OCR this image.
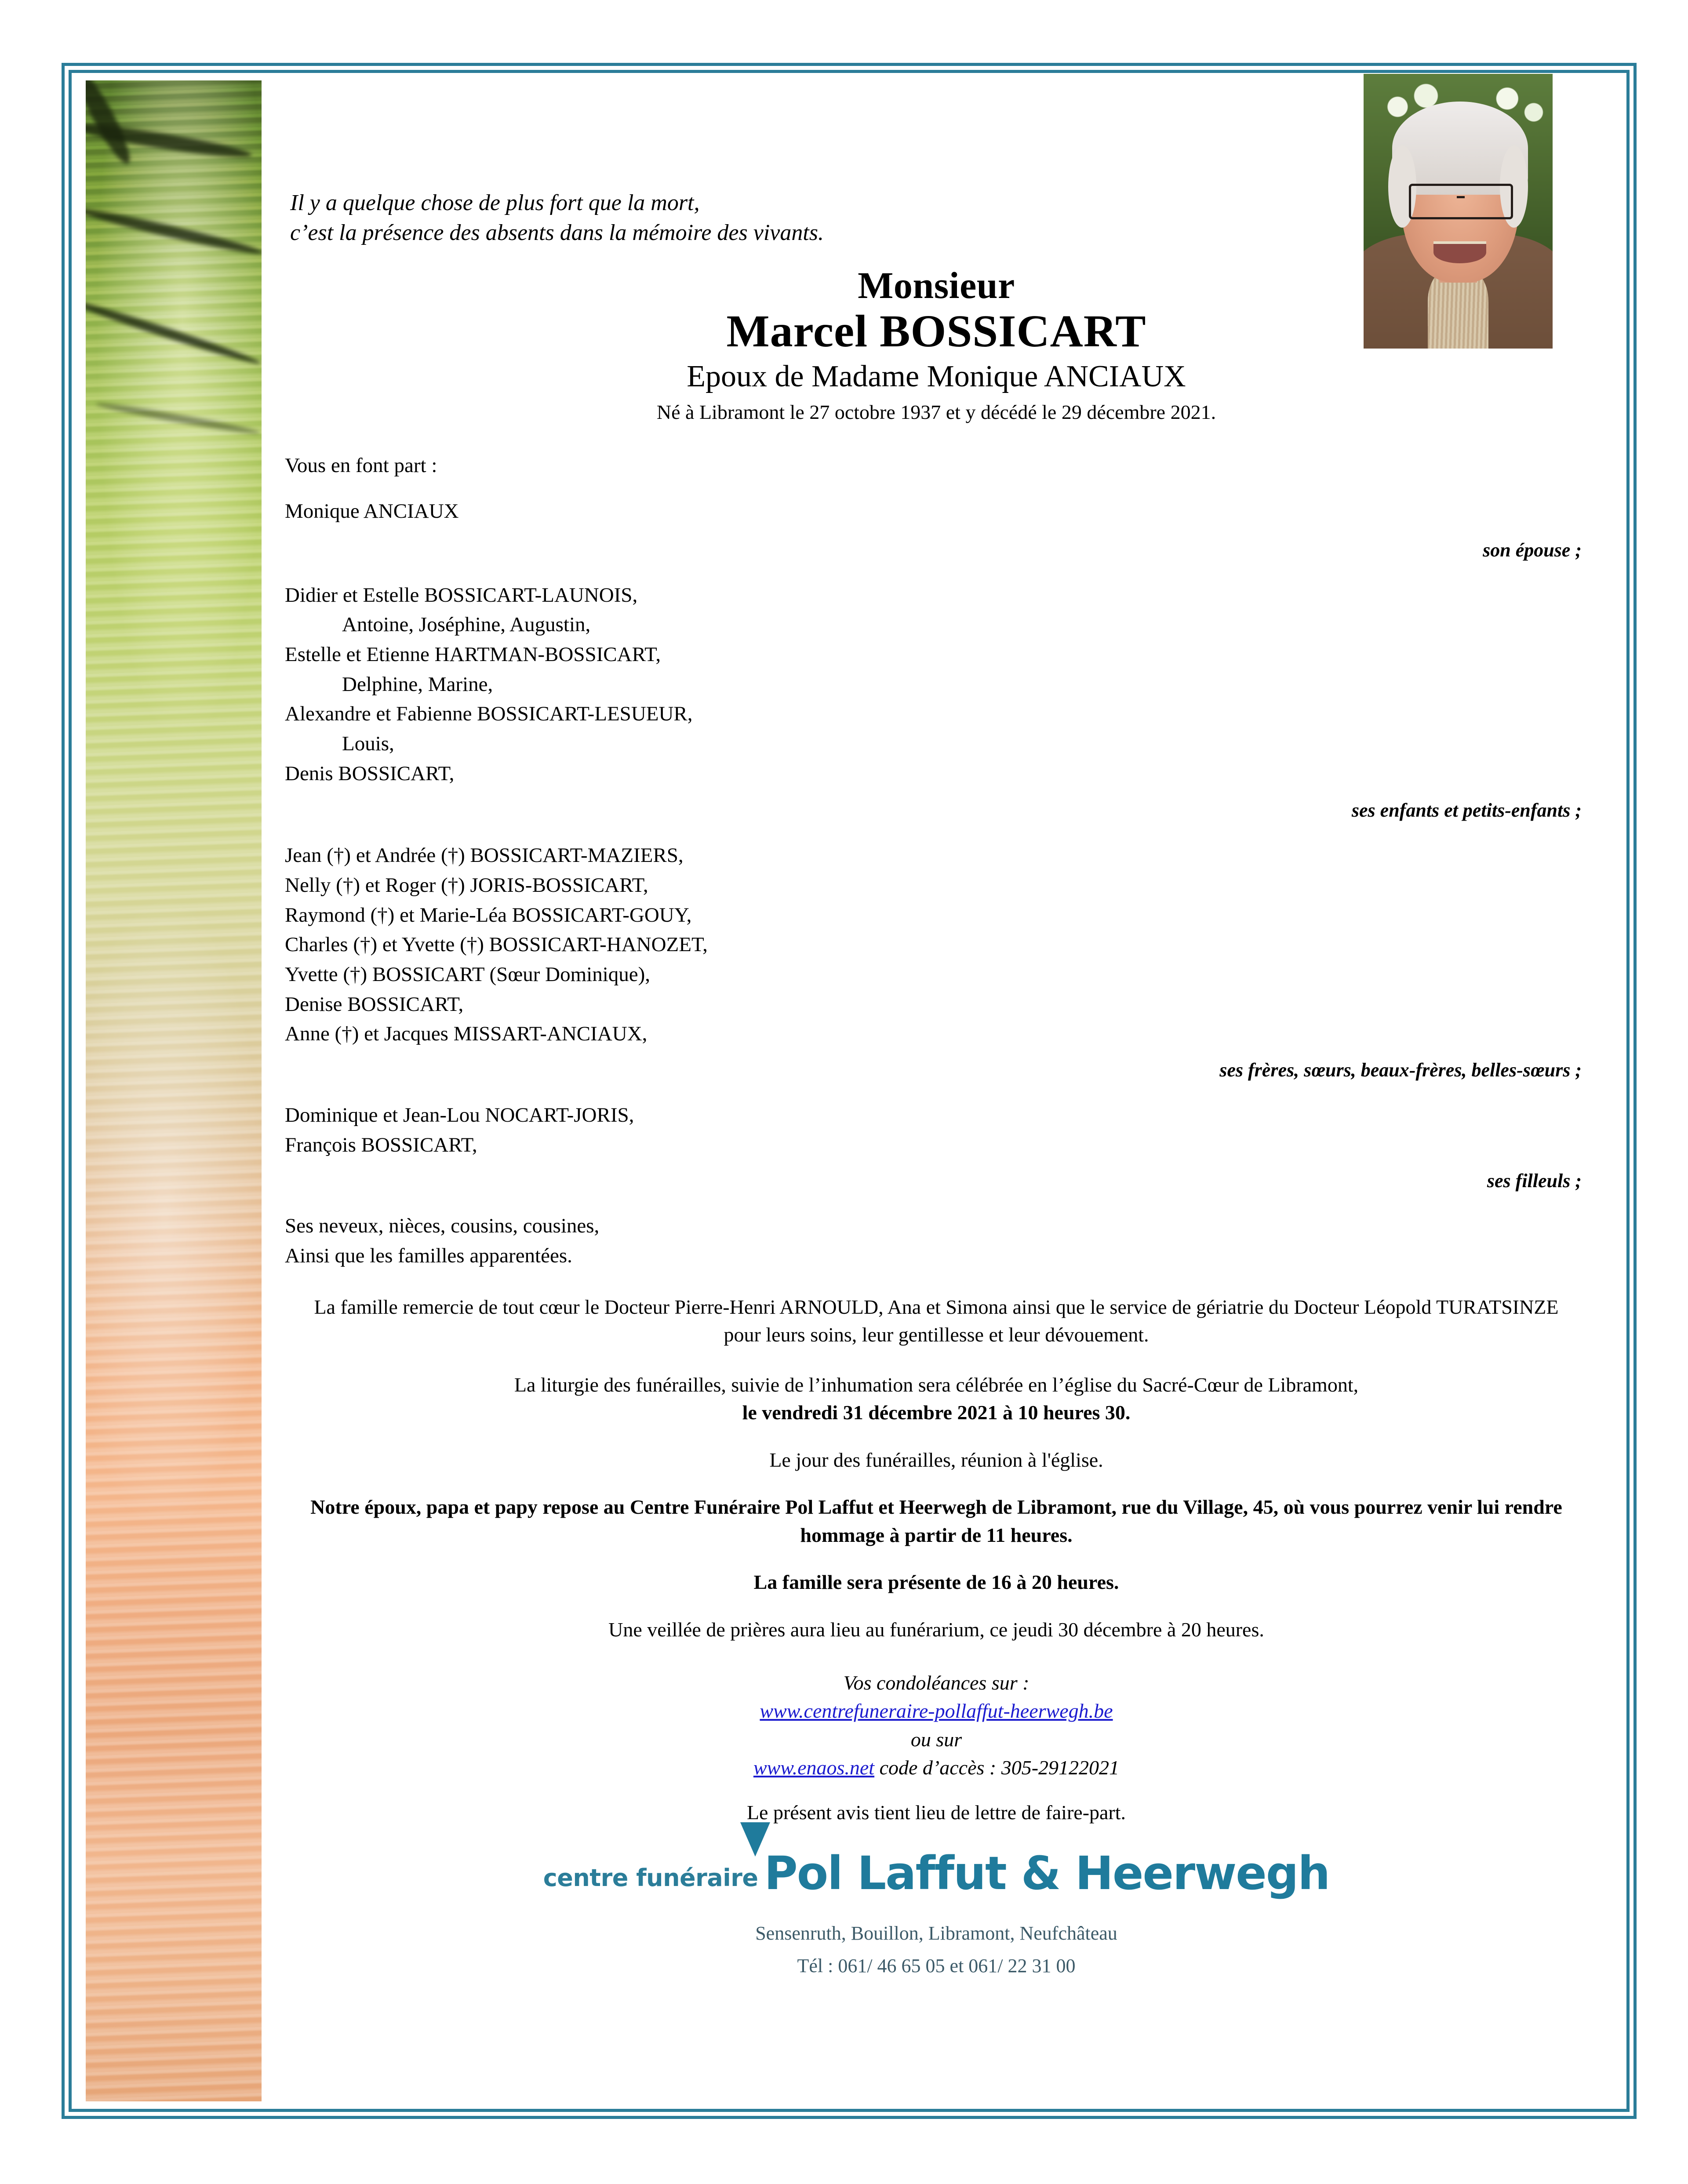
Il y a quelque chose de plus fort que la mort,
c’est la présence des absents dans la mémoire des vivants.
Monsieur
Marcel BOSSICART
Epoux de Madame Monique ANCIAUX
Né à Libramont le 27 octobre 1937 et y décédé le 29 décembre 2021.
Vous en font part :
Monique ANCIAUX
son épouse ;
Didier et Estelle BOSSICART-LAUNOIS,
Antoine, Joséphine, Augustin,
Estelle et Etienne HARTMAN-BOSSICART,
Delphine, Marine,
Alexandre et Fabienne BOSSICART-LESUEUR,
Louis,
Denis BOSSICART,
ses enfants et petits-enfants ;
Jean (†) et Andrée (†) BOSSICART-MAZIERS,
Nelly (†) et Roger (†) JORIS-BOSSICART,
Raymond (†) et Marie-Léa BOSSICART-GOUY,
Charles (†) et Yvette (†) BOSSICART-HANOZET,
Yvette (†) BOSSICART (Sœur Dominique),
Denise BOSSICART,
Anne (†) et Jacques MISSART-ANCIAUX,
ses frères, sœurs, beaux-frères, belles-sœurs ;
Dominique et Jean-Lou NOCART-JORIS,
François BOSSICART,
ses filleuls ;
Ses neveux, nièces, cousins, cousines,
Ainsi que les familles apparentées.
La famille remercie de tout cœur le Docteur Pierre-Henri ARNOULD, Ana et Simona ainsi que le service de gériatrie du Docteur Léopold TURATSINZE pour leurs soins, leur gentillesse et leur dévouement.
La liturgie des funérailles, suivie de l’inhumation sera célébrée en l’église du Sacré-Cœur de Libramont,
le vendredi 31 décembre 2021 à 10 heures 30.
Le jour des funérailles, réunion à l'église.
Notre époux, papa et papy repose au Centre Funéraire Pol Laffut et Heerwegh de Libramont, rue du Village, 45, où vous pourrez venir lui rendre hommage à partir de 11 heures.
La famille sera présente de 16 à 20 heures.
Une veillée de prières aura lieu au funérarium, ce jeudi 30 décembre à 20 heures.
Vos condoléances sur :
www.centrefuneraire-pollaffut-heerwegh.be
ou sur
www.enaos.net code d’accès : 305-29122021
Le présent avis tient lieu de lettre de faire-part.
centre funéraire Pol Laffut & Heerwegh
Sensenruth, Bouillon, Libramont, Neufchâteau
Tél : 061/ 46 65 05 et 061/ 22 31 00
